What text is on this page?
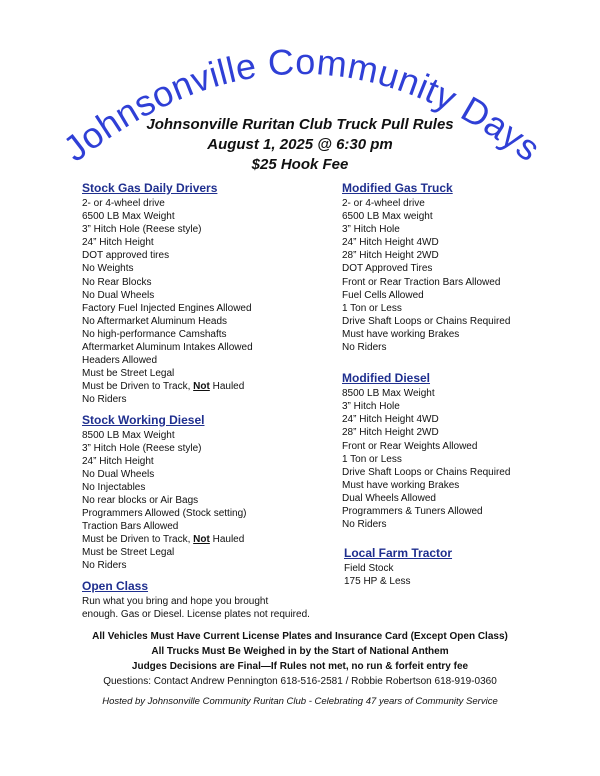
Johnsonville Community Days
Johnsonville Ruritan Club Truck Pull Rules
August 1, 2025 @ 6:30 pm
$25 Hook Fee
Stock Gas Daily Drivers
2- or 4-wheel drive
6500 LB Max Weight
3” Hitch Hole (Reese style)
24” Hitch Height
DOT approved tires
No Weights
No Rear Blocks
No Dual Wheels
Factory Fuel Injected Engines Allowed
No Aftermarket Aluminum Heads
No high-performance Camshafts
Aftermarket Aluminum Intakes Allowed
Headers Allowed
Must be Street Legal
Must be Driven to Track, Not Hauled
No Riders
Stock Working Diesel
8500 LB Max Weight
3” Hitch Hole (Reese style)
24” Hitch Height
No Dual Wheels
No Injectables
No rear blocks or Air Bags
Programmers Allowed (Stock setting)
Traction Bars Allowed
Must be Driven to Track, Not Hauled
Must be Street Legal
No Riders
Open Class
Run what you bring and hope you brought
enough. Gas or Diesel. License plates not required.
Modified Gas Truck
2- or 4-wheel drive
6500 LB Max weight
3” Hitch Hole
24” Hitch Height 4WD
28” Hitch Height 2WD
DOT Approved Tires
Front or Rear Traction Bars Allowed
Fuel Cells Allowed
1 Ton or Less
Drive Shaft Loops or Chains Required
Must have working Brakes
No Riders
Modified Diesel
8500 LB Max Weight
3” Hitch Hole
24” Hitch Height 4WD
28” Hitch Height 2WD
Front or Rear Weights Allowed
1 Ton or Less
Drive Shaft Loops or Chains Required
Must have working Brakes
Dual Wheels Allowed
Programmers & Tuners Allowed
No Riders
Local Farm Tractor
Field Stock
175 HP & Less
All Vehicles Must Have Current License Plates and Insurance Card (Except Open Class)
All Trucks Must Be Weighed in by the Start of National Anthem
Judges Decisions are Final—If Rules not met, no run & forfeit entry fee
Questions: Contact Andrew Pennington 618-516-2581 / Robbie Robertson 618-919-0360
Hosted by Johnsonville Community Ruritan Club - Celebrating 47 years of Community Service
